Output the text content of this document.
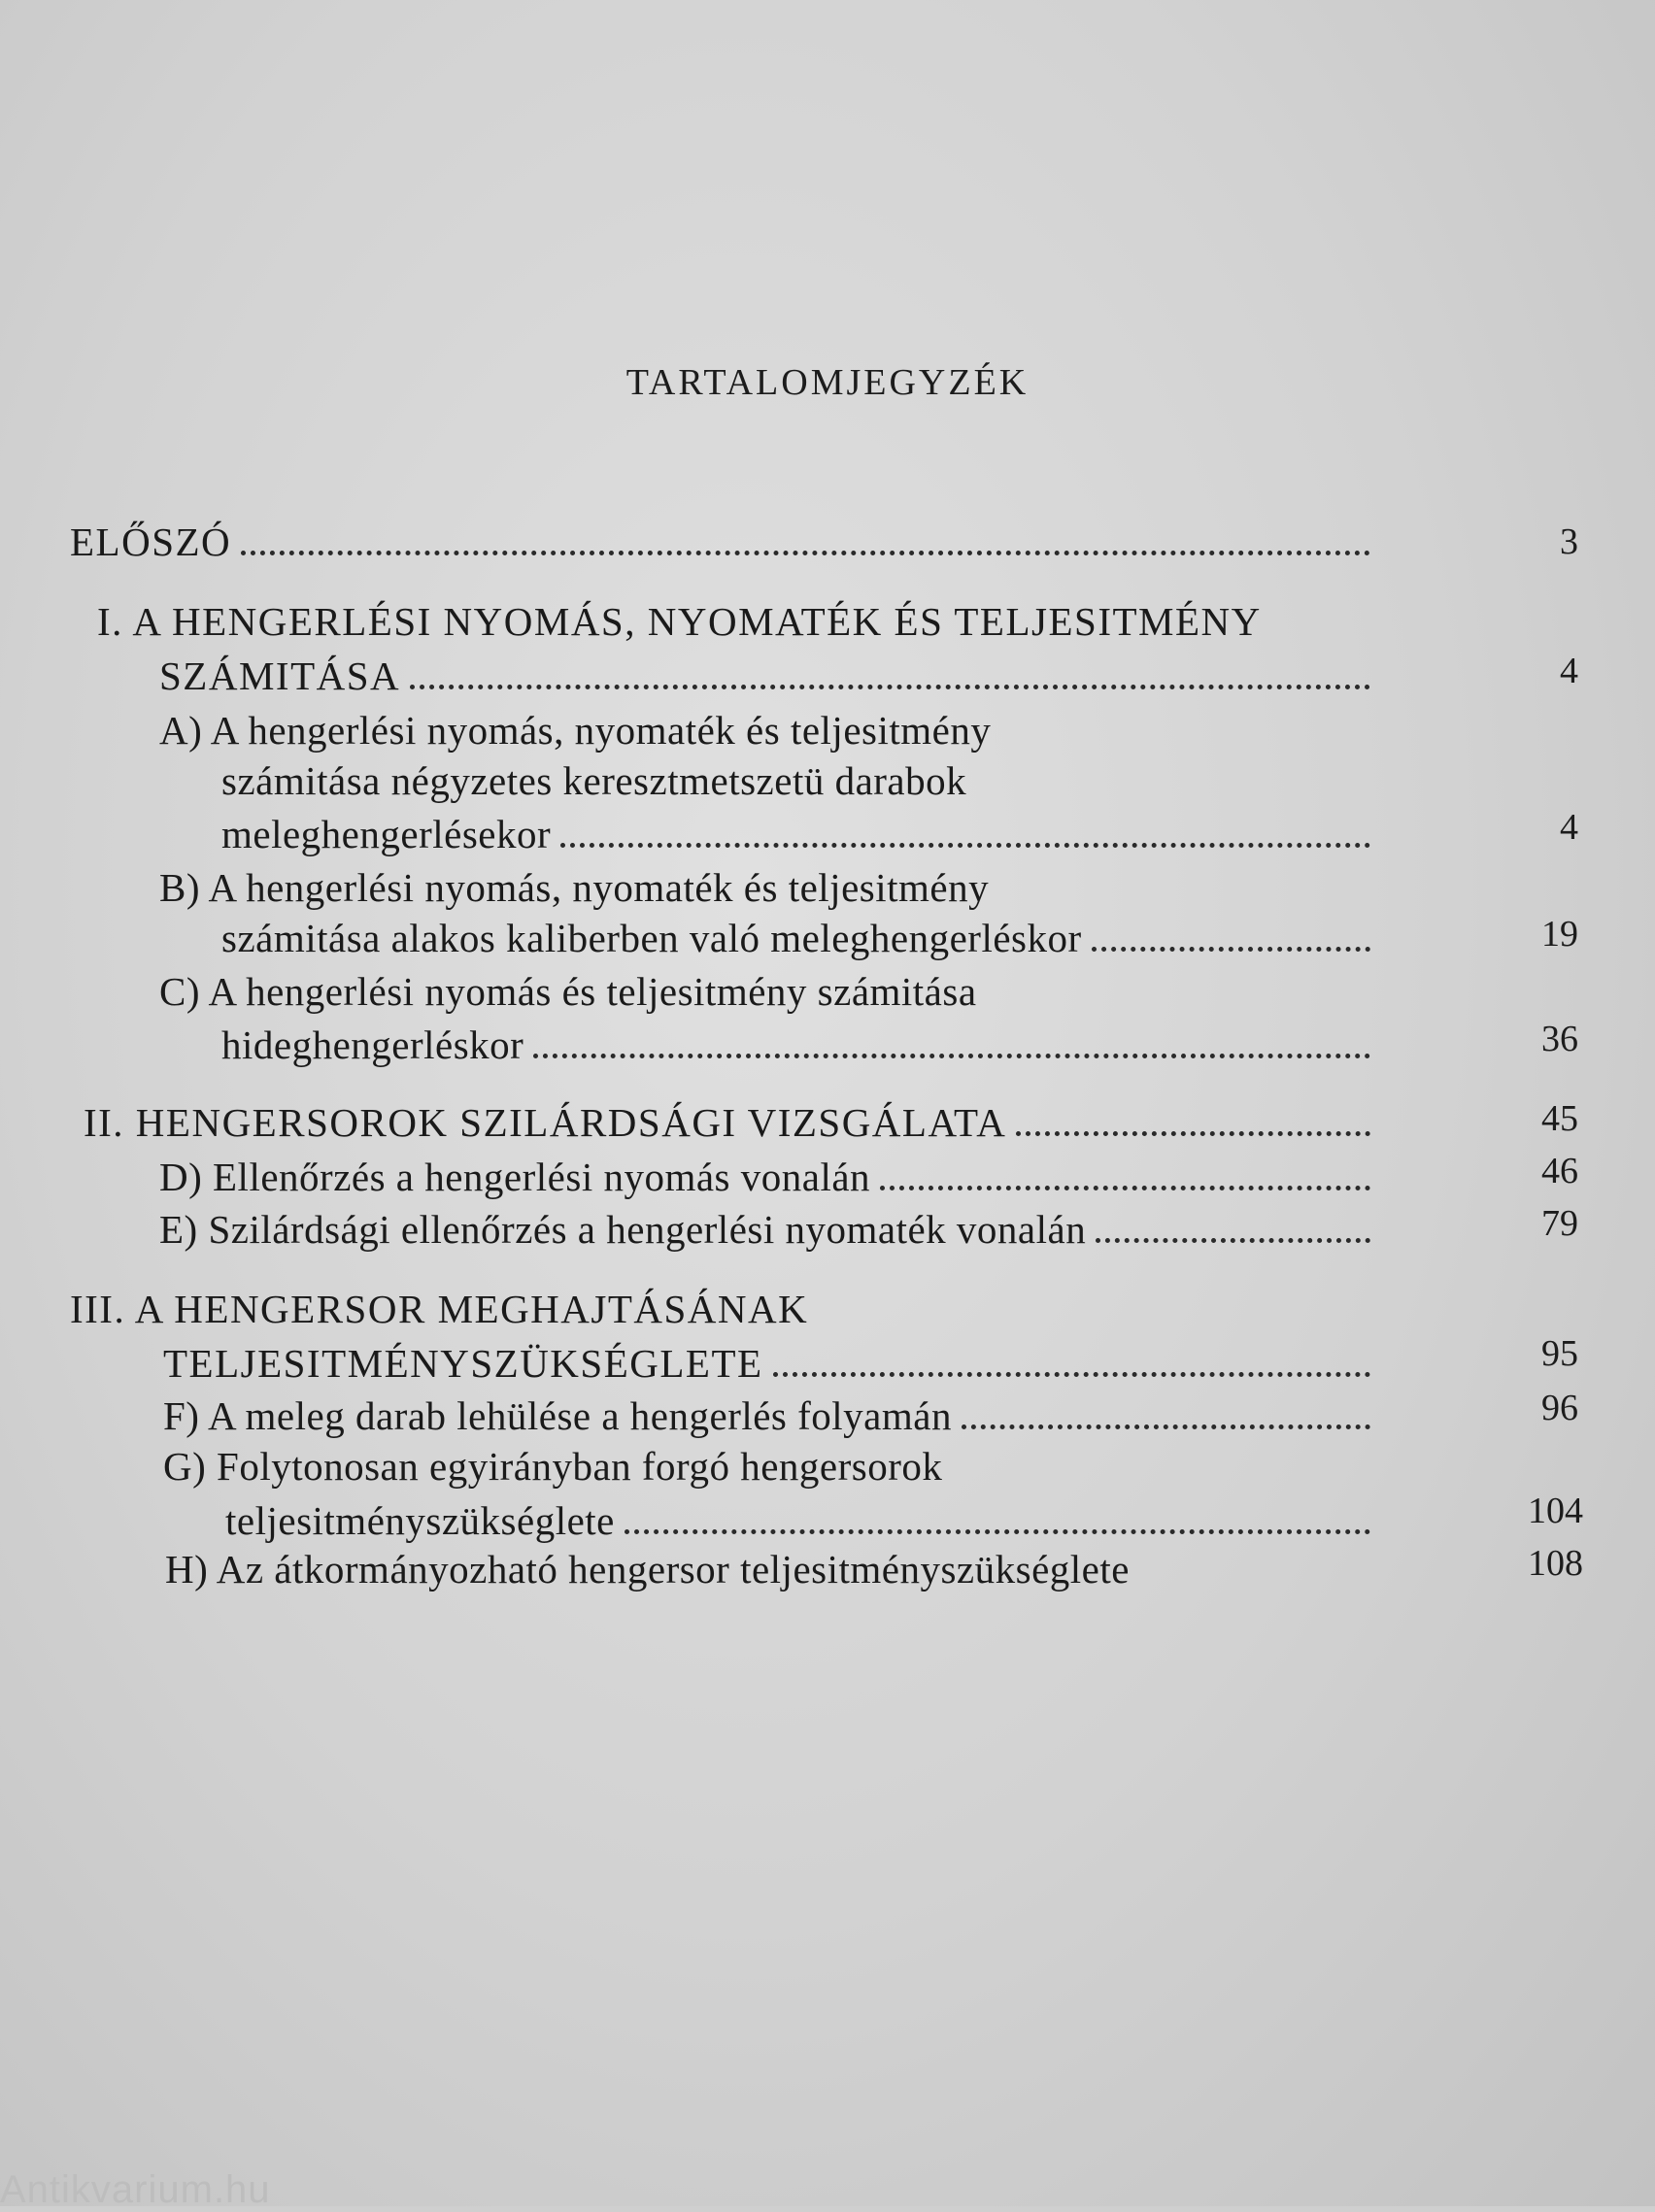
TARTALOMJEGYZÉK
ELŐSZÓ	3
I. A HENGERLÉSI NYOMÁS, NYOMATÉK ÉS TELJESITMÉNY
SZÁMITÁSA	4
A) A hengerlési nyomás, nyomaték és teljesitmény
számitása négyzetes keresztmetszetü darabok
meleghengerlésekor	4
B) A hengerlési nyomás, nyomaték és teljesitmény
számitása alakos kaliberben való meleghengerléskor	19
C) A hengerlési nyomás és teljesitmény számitása
hideghengerléskor	36
II. HENGERSOROK SZILÁRDSÁGI VIZSGÁLATA	45
D) Ellenőrzés a hengerlési nyomás vonalán	46
E) Szilárdsági ellenőrzés a hengerlési nyomaték vonalán	79
III. A HENGERSOR MEGHAJTÁSÁNAK
TELJESITMÉNYSZÜKSÉGLETE	95
F) A meleg darab lehülése a hengerlés folyamán	96
G) Folytonosan egyirányban forgó hengersorok
teljesitményszükséglete	104
H) Az átkormányozható hengersor teljesitményszükséglete	108
Antikvarium.hu
